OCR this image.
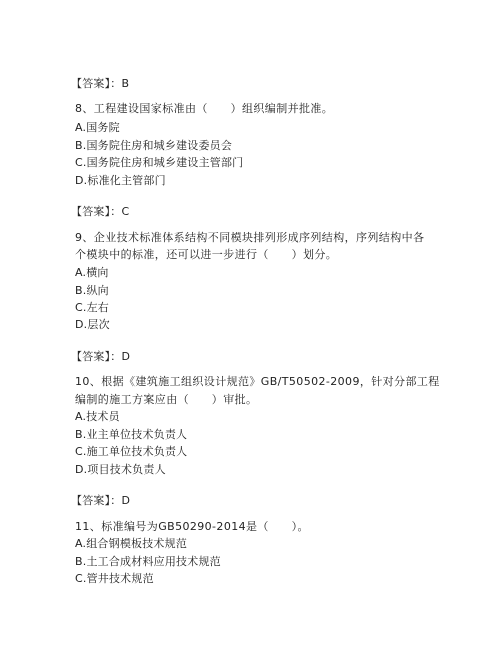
【答案】：B
8、工程建设国家标准由（　　）组织编制并批准。
A.国务院
B.国务院住房和城乡建设委员会
C.国务院住房和城乡建设主管部门
D.标准化主管部门
【答案】：C
9、企业技术标准体系结构不同模块排列形成序列结构，序列结构中各
个模块中的标准，还可以进一步进行（　　）划分。
A.横向
B.纵向
C.左右
D.层次
【答案】：D
10、根据《建筑施工组织设计规范》GB/T50502-2009，针对分部工程
编制的施工方案应由（　　）审批。
A.技术员
B.业主单位技术负责人
C.施工单位技术负责人
D.项目技术负责人
【答案】：D
11、标准编号为GB50290-2014是（　　）。
A.组合钢模板技术规范
B.土工合成材料应用技术规范
C.管井技术规范
